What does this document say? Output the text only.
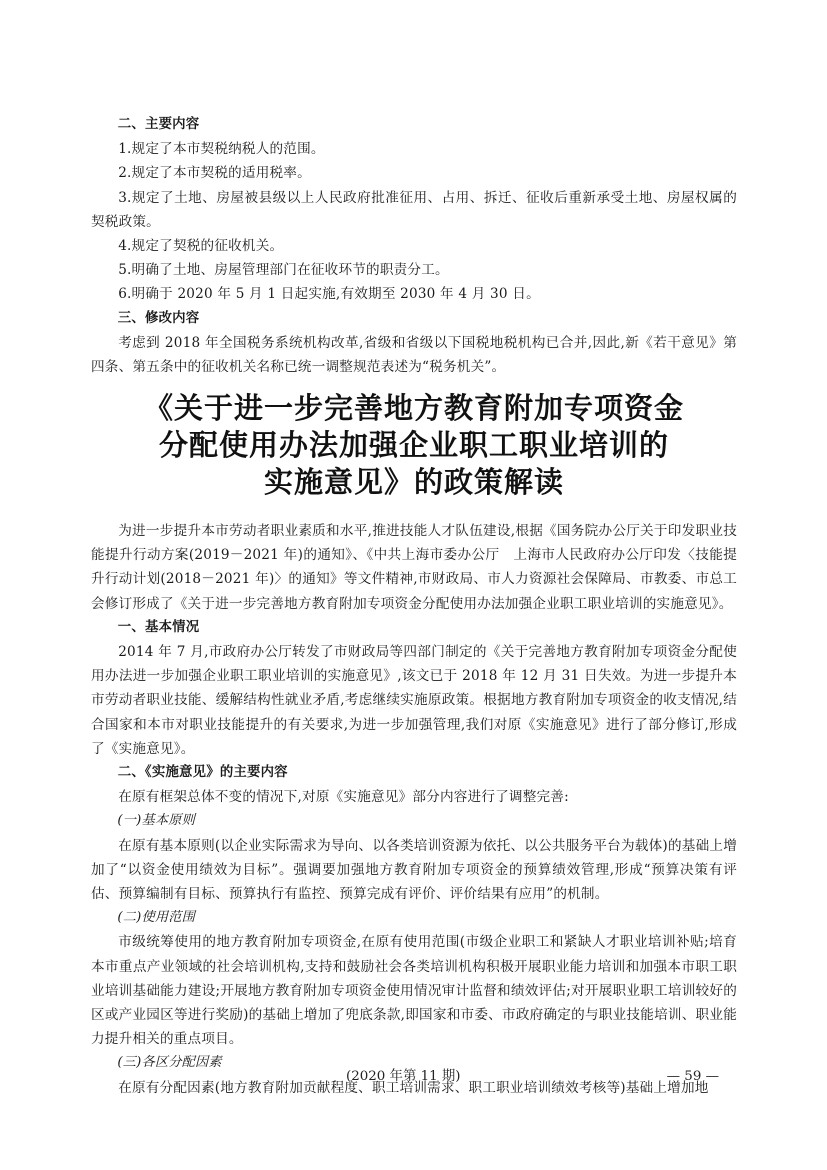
二、主要内容

1.规定了本市契税纳税人的范围。

2.规定了本市契税的适用税率。

3.规定了土地、房屋被县级以上人民政府批准征用、占用、拆迁、征收后重新承受土地、房屋权属的契税政策。

4.规定了契税的征收机关。

5.明确了土地、房屋管理部门在征收环节的职责分工。

6.明确于 2020 年 5 月 1 日起实施,有效期至 2030 年 4 月 30 日。

三、修改内容

考虑到 2018 年全国税务系统机构改革,省级和省级以下国税地税机构已合并,因此,新《若干意见》第四条、第五条中的征收机关名称已统一调整规范表述为“税务机关”。

《关于进一步完善地方教育附加专项资金
分配使用办法加强企业职工职业培训的
实施意见》的政策解读

为进一步提升本市劳动者职业素质和水平,推进技能人才队伍建设,根据《国务院办公厅关于印发职业技能提升行动方案(2019－2021 年)的通知》、《中共上海市委办公厅　上海市人民政府办公厅印发〈技能提升行动计划(2018－2021 年)〉的通知》等文件精神,市财政局、市人力资源社会保障局、市教委、市总工会修订形成了《关于进一步完善地方教育附加专项资金分配使用办法加强企业职工职业培训的实施意见》。

一、基本情况

2014 年 7 月,市政府办公厅转发了市财政局等四部门制定的《关于完善地方教育附加专项资金分配使用办法进一步加强企业职工职业培训的实施意见》,该文已于 2018 年 12 月 31 日失效。为进一步提升本市劳动者职业技能、缓解结构性就业矛盾,考虑继续实施原政策。根据地方教育附加专项资金的收支情况,结合国家和本市对职业技能提升的有关要求,为进一步加强管理,我们对原《实施意见》进行了部分修订,形成了《实施意见》。

二、《实施意见》的主要内容

在原有框架总体不变的情况下,对原《实施意见》部分内容进行了调整完善:

(一)基本原则

在原有基本原则(以企业实际需求为导向、以各类培训资源为依托、以公共服务平台为载体)的基础上增加了“以资金使用绩效为目标”。强调要加强地方教育附加专项资金的预算绩效管理,形成“预算决策有评估、预算编制有目标、预算执行有监控、预算完成有评价、评价结果有应用”的机制。

(二)使用范围

市级统筹使用的地方教育附加专项资金,在原有使用范围(市级企业职工和紧缺人才职业培训补贴;培育本市重点产业领域的社会培训机构,支持和鼓励社会各类培训机构积极开展职业能力培训和加强本市职工职业培训基础能力建设;开展地方教育附加专项资金使用情况审计监督和绩效评估;对开展职业职工培训较好的区或产业园区等进行奖励)的基础上增加了兜底条款,即国家和市委、市政府确定的与职业技能培训、职业能力提升相关的重点项目。

(三)各区分配因素

在原有分配因素(地方教育附加贡献程度、职工培训需求、职工职业培训绩效考核等)基础上增加地

(2020 年第 11 期)	— 59 —
